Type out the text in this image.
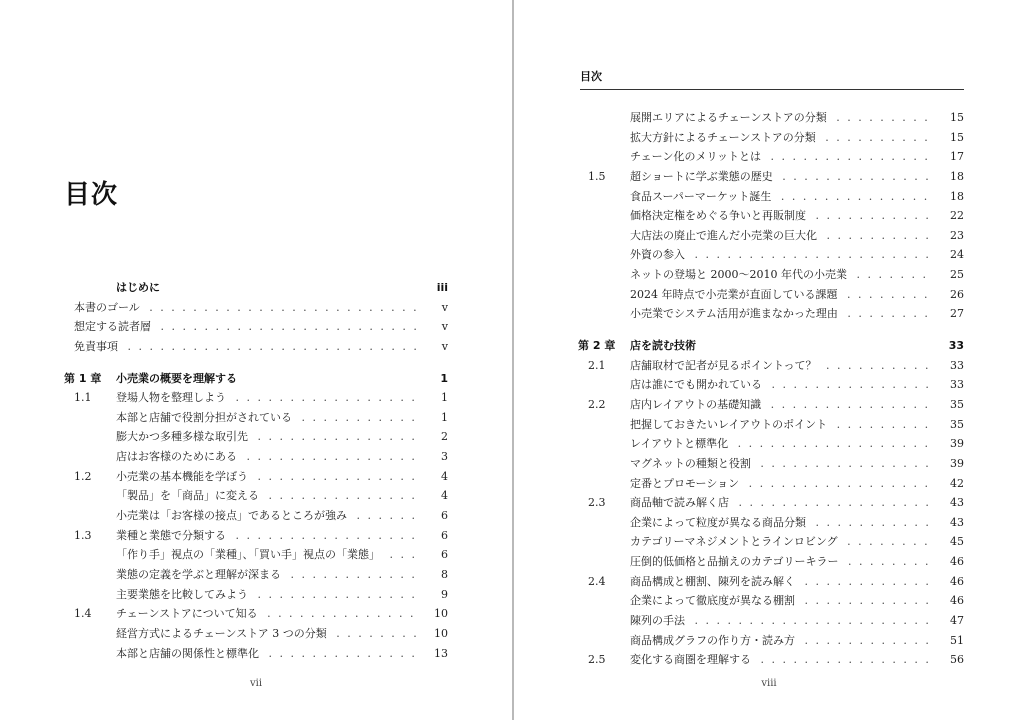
目次
はじめに	iii
本書のゴール . . .	v
想定する読者層 . . .	v
免責事項 . . .	v
第 1 章	小売業の概要を理解する	1
1.1	登場人物を整理しよう . . .	1
本部と店舗で役割分担がされている . . .	1
膨大かつ多種多様な取引先 . . .	2
店はお客様のためにある . . .	3
1.2	小売業の基本機能を学ぼう . . .	4
「製品」を「商品」に変える . . .	4
小売業は「お客様の接点」であるところが強み . . .	6
1.3	業種と業態で分類する . . .	6
「作り手」視点の「業種」、「買い手」視点の「業態」 . . .	6
業態の定義を学ぶと理解が深まる . . .	8
主要業態を比較してみよう . . .	9
1.4	チェーンストアについて知る . . .	10
経営方式によるチェーンストア 3 つの分類 . . .	10
本部と店舗の関係性と標準化 . . .	13
vii
目次
展開エリアによるチェーンストアの分類 . . .	15
拡大方針によるチェーンストアの分類 . . .	15
チェーン化のメリットとは . . .	17
1.5	超ショートに学ぶ業態の歴史 . . .	18
食品スーパーマーケット誕生 . . .	18
価格決定権をめぐる争いと再販制度 . . .	22
大店法の廃止で進んだ小売業の巨大化 . . .	23
外資の参入 . . .	24
ネットの登場と 2000～2010 年代の小売業 . . .	25
2024 年時点で小売業が直面している課題 . . .	26
小売業でシステム活用が進まなかった理由 . . .	27
第 2 章	店を読む技術	33
2.1	店舗取材で記者が見るポイントって？ . . .	33
店は誰にでも開かれている . . .	33
2.2	店内レイアウトの基礎知識 . . .	35
把握しておきたいレイアウトのポイント . . .	35
レイアウトと標準化 . . .	39
マグネットの種類と役割 . . .	39
定番とプロモーション . . .	42
2.3	商品軸で読み解く店 . . .	43
企業によって粒度が異なる商品分類 . . .	43
カテゴリーマネジメントとラインロビング . . .	45
圧倒的低価格と品揃えのカテゴリーキラー . . .	46
2.4	商品構成と棚割、陳列を読み解く . . .	46
企業によって徹底度が異なる棚割 . . .	46
陳列の手法 . . .	47
商品構成グラフの作り方・読み方 . . .	51
2.5	変化する商圏を理解する . . .	56
viii
